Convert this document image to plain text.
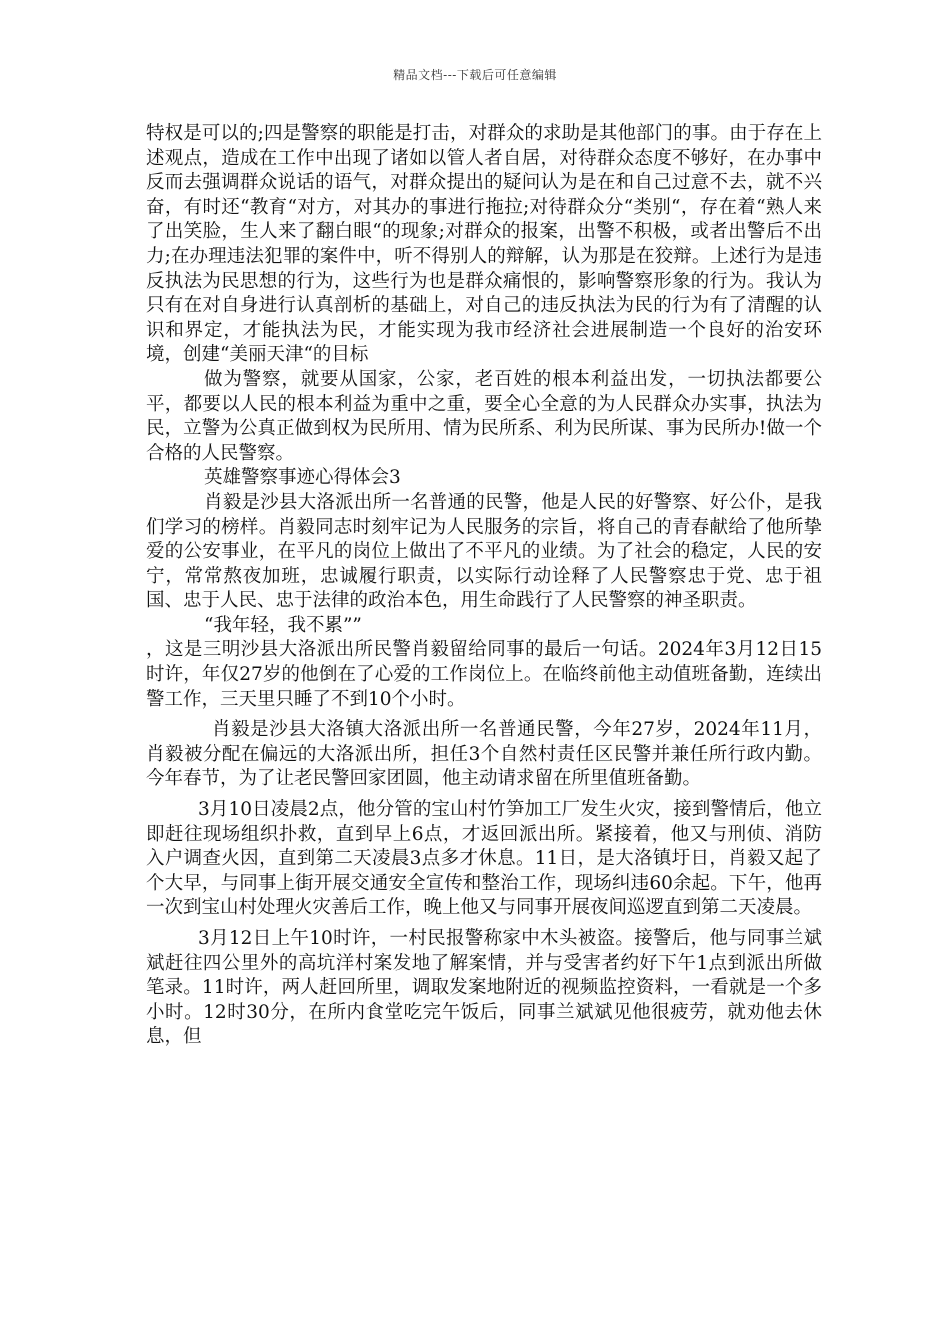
精品文档---下载后可任意编辑

特权是可以的;四是警察的职能是打击，对群众的求助是其他部门的事。由于存在上述观点，造成在工作中出现了诸如以管人者自居，对待群众态度不够好，在办事中反而去强调群众说话的语气，对群众提出的疑问认为是在和自己过意不去，就不兴奋，有时还“教育“对方，对其办的事进行拖拉;对待群众分“类别“，存在着“熟人来了出笑脸，生人来了翻白眼“的现象;对群众的报案，出警不积极，或者出警后不出力;在办理违法犯罪的案件中，听不得别人的辩解，认为那是在狡辩。上述行为是违反执法为民思想的行为，这些行为也是群众痛恨的，影响警察形象的行为。我认为只有在对自身进行认真剖析的基础上，对自己的违反执法为民的行为有了清醒的认识和界定，才能执法为民，才能实现为我市经济社会进展制造一个良好的治安环境，创建“美丽天津“的目标

做为警察，就要从国家，公家，老百姓的根本利益出发，一切执法都要公平，都要以人民的根本利益为重中之重，要全心全意的为人民群众办实事，执法为民，立警为公真正做到权为民所用、情为民所系、利为民所谋、事为民所办!做一个合格的人民警察。

英雄警察事迹心得体会3

肖毅是沙县大洛派出所一名普通的民警，他是人民的好警察、好公仆，是我们学习的榜样。肖毅同志时刻牢记为人民服务的宗旨，将自己的青春献给了他所挚爱的公安事业，在平凡的岗位上做出了不平凡的业绩。为了社会的稳定，人民的安宁，常常熬夜加班，忠诚履行职责，以实际行动诠释了人民警察忠于党、忠于祖国、忠于人民、忠于法律的政治本色，用生命践行了人民警察的神圣职责。

“我年轻，我不累””

，这是三明沙县大洛派出所民警肖毅留给同事的最后一句话。2024年3月12日15时许，年仅27岁的他倒在了心爱的工作岗位上。在临终前他主动值班备勤，连续出警工作，三天里只睡了不到10个小时。

肖毅是沙县大洛镇大洛派出所一名普通民警，今年27岁，2024年11月，肖毅被分配在偏远的大洛派出所，担任3个自然村责任区民警并兼任所行政内勤。今年春节，为了让老民警回家团圆，他主动请求留在所里值班备勤。

3月10日凌晨2点，他分管的宝山村竹笋加工厂发生火灾，接到警情后，他立即赶往现场组织扑救，直到早上6点，才返回派出所。紧接着，他又与刑侦、消防入户调查火因，直到第二天凌晨3点多才休息。11日，是大洛镇圩日，肖毅又起了个大早，与同事上街开展交通安全宣传和整治工作，现场纠违60余起。下午，他再一次到宝山村处理火灾善后工作，晚上他又与同事开展夜间巡逻直到第二天凌晨。

3月12日上午10时许，一村民报警称家中木头被盗。接警后，他与同事兰斌斌赶往四公里外的高坑洋村案发地了解案情，并与受害者约好下午1点到派出所做笔录。11时许，两人赶回所里，调取发案地附近的视频监控资料，一看就是一个多小时。12时30分，在所内食堂吃完午饭后，同事兰斌斌见他很疲劳，就劝他去休息，但
